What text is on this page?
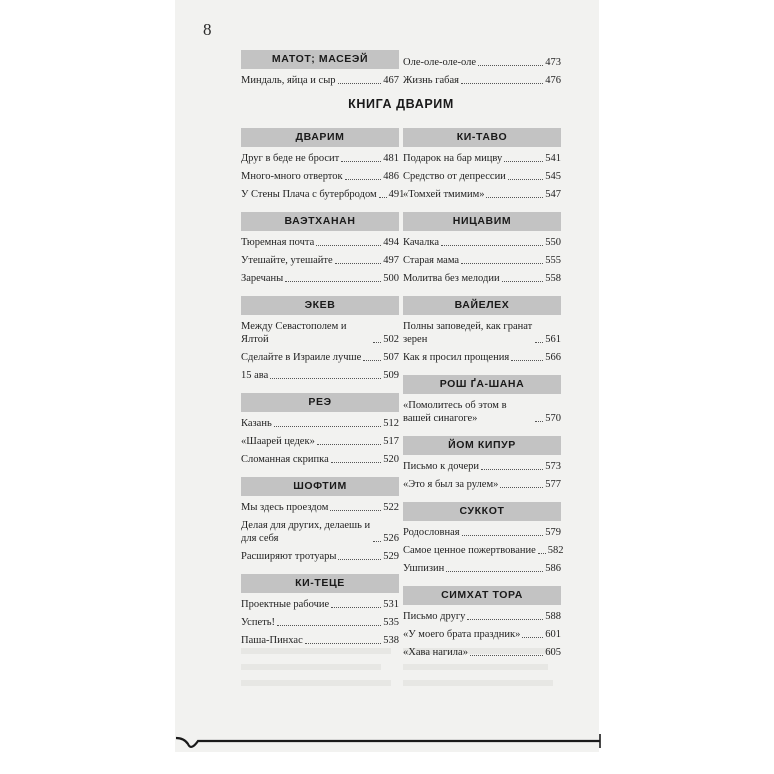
8
МАТОТ; МАСЕЭЙ
Миндаль, яйца и сыр	467
Оле-оле-оле-оле	473
Жизнь габая	476
КНИГА ДВАРИМ
ДВАРИМ
Друг в беде не бросит	481
Много-много отверток	486
У Стены Плача с бутербродом 491
ВАЭТХАНАН
Тюремная почта	494
Утешайте, утешайте	497
Заречаны	500
ЭКЕВ
Между Севастополем и Ялтой	502
Сделайте в Израиле лучше 507
15 ава	509
РЕЭ
Казань	512
«Шаарей цедек»	517
Сломанная скрипка	520
ШОФТИМ
Мы здесь проездом	522
Делая для других, делаешь и для себя	526
Расширяют тротуары	529
КИ-ТЕЦЕ
Проектные рабочие	531
Успеть!	535
Паша-Пинхас	538
КИ-ТАВО
Подарок на бар мицву	541
Средство от депрессии	545
«Томхей тмимим»	547
НИЦАВИМ
Качалка	550
Старая мама	555
Молитва без мелодии	558
ВАЙЕЛЕХ
Полны заповедей, как гранат зерен	561
Как я просил прощения	566
РОШ ҐА-ШАНА
«Помолитесь об этом в вашей синагоге»	570
ЙОМ КИПУР
Письмо к дочери	573
«Это я был за рулем»	577
СУККОТ
Родословная	579
Самое ценное пожертвование 582
Ушпизин	586
СИМХАТ ТОРА
Письмо другу	588
«У моего брата праздник» 601
«Хава нагила»	605
